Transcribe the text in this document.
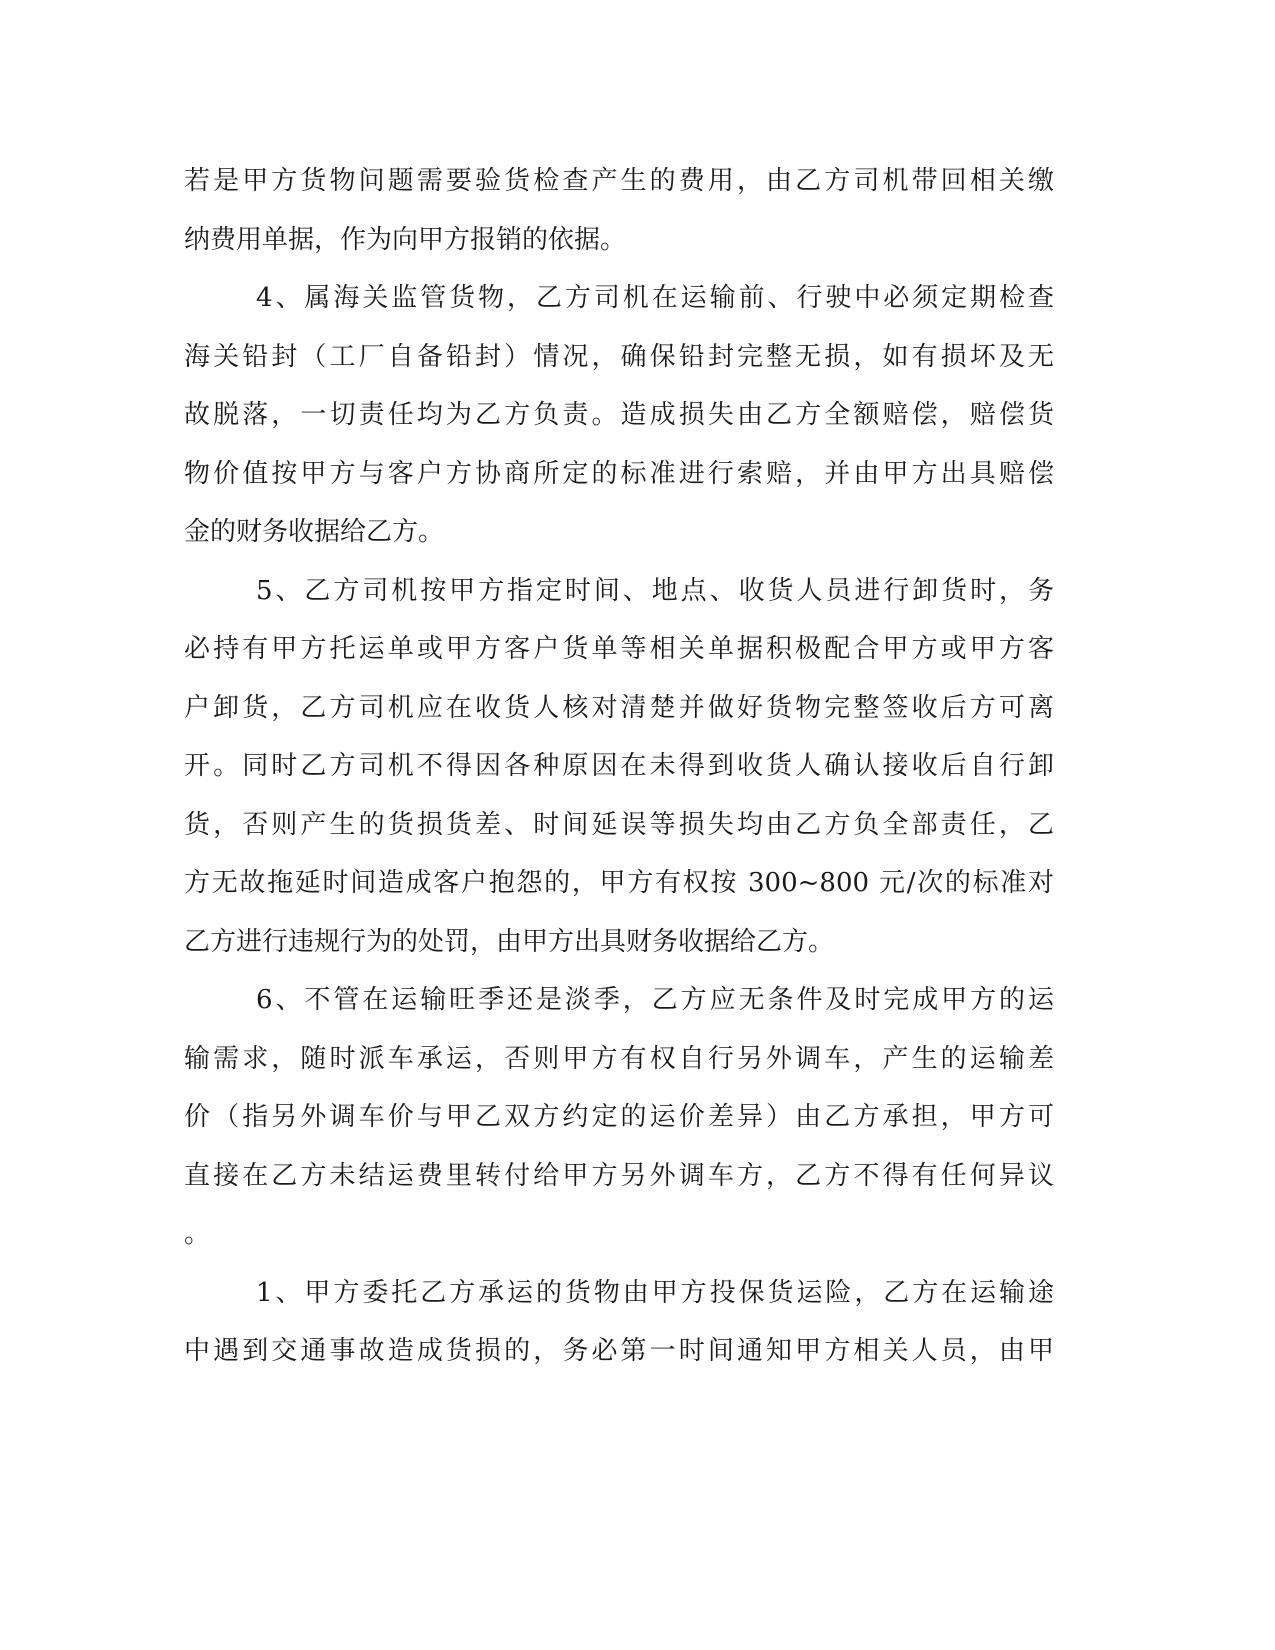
若是甲方货物问题需要验货检查产生的费用，由乙方司机带回相关缴
纳费用单据，作为向甲方报销的依据。
4、属海关监管货物，乙方司机在运输前、行驶中必须定期检查
海关铅封（工厂自备铅封）情况，确保铅封完整无损，如有损坏及无
故脱落，一切责任均为乙方负责。造成损失由乙方全额赔偿，赔偿货
物价值按甲方与客户方协商所定的标准进行索赔，并由甲方出具赔偿
金的财务收据给乙方。
5、乙方司机按甲方指定时间、地点、收货人员进行卸货时，务
必持有甲方托运单或甲方客户货单等相关单据积极配合甲方或甲方客
户卸货，乙方司机应在收货人核对清楚并做好货物完整签收后方可离
开。同时乙方司机不得因各种原因在未得到收货人确认接收后自行卸
货，否则产生的货损货差、时间延误等损失均由乙方负全部责任，乙
方无故拖延时间造成客户抱怨的，甲方有权按 300~800 元/次的标准对
乙方进行违规行为的处罚，由甲方出具财务收据给乙方。
6、不管在运输旺季还是淡季，乙方应无条件及时完成甲方的运
输需求，随时派车承运，否则甲方有权自行另外调车，产生的运输差
价（指另外调车价与甲乙双方约定的运价差异）由乙方承担，甲方可
直接在乙方未结运费里转付给甲方另外调车方，乙方不得有任何异议
。
1、甲方委托乙方承运的货物由甲方投保货运险，乙方在运输途
中遇到交通事故造成货损的，务必第一时间通知甲方相关人员，由甲
